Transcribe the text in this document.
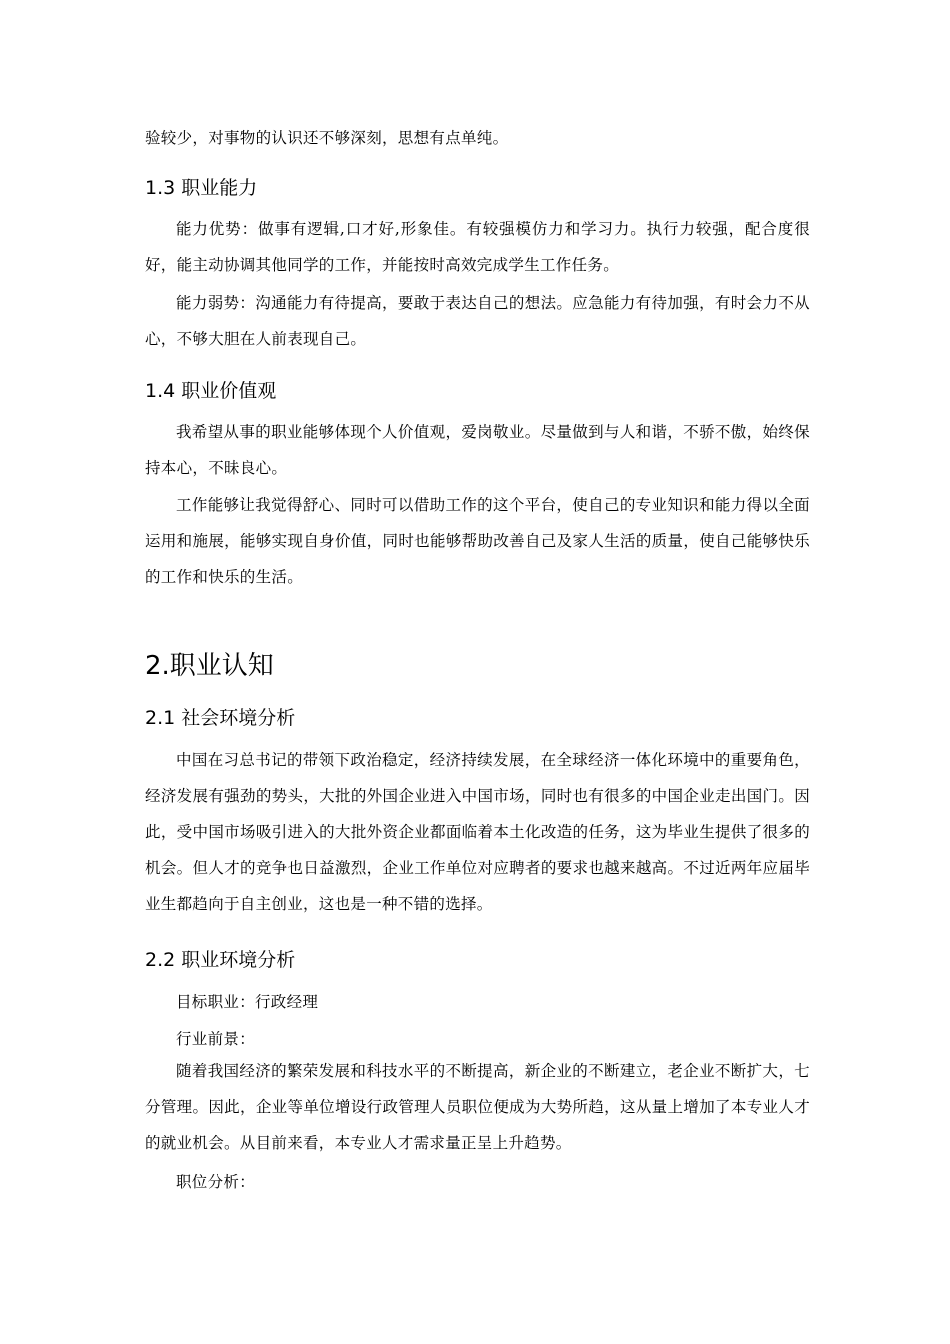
验较少，对事物的认识还不够深刻，思想有点单纯。

1.3 职业能力

能力优势：做事有逻辑,口才好,形象佳。有较强模仿力和学习力。执行力较强，配合度很好，能主动协调其他同学的工作，并能按时高效完成学生工作任务。

能力弱势：沟通能力有待提高，要敢于表达自己的想法。应急能力有待加强，有时会力不从心，不够大胆在人前表现自己。

1.4 职业价值观

我希望从事的职业能够体现个人价值观，爱岗敬业。尽量做到与人和谐，不骄不傲，始终保持本心，不昧良心。

工作能够让我觉得舒心、同时可以借助工作的这个平台，使自己的专业知识和能力得以全面运用和施展，能够实现自身价值，同时也能够帮助改善自己及家人生活的质量，使自己能够快乐的工作和快乐的生活。

2.职业认知
2.1 社会环境分析

中国在习总书记的带领下政治稳定，经济持续发展，在全球经济一体化环境中的重要角色，经济发展有强劲的势头，大批的外国企业进入中国市场，同时也有很多的中国企业走出国门。因此，受中国市场吸引进入的大批外资企业都面临着本土化改造的任务，这为毕业生提供了很多的机会。但人才的竞争也日益激烈，企业工作单位对应聘者的要求也越来越高。不过近两年应届毕业生都趋向于自主创业，这也是一种不错的选择。

2.2 职业环境分析

目标职业：行政经理

行业前景：

随着我国经济的繁荣发展和科技水平的不断提高，新企业的不断建立，老企业不断扩大，七分管理。因此，企业等单位增设行政管理人员职位便成为大势所趋，这从量上增加了本专业人才的就业机会。从目前来看，本专业人才需求量正呈上升趋势。

职位分析：
